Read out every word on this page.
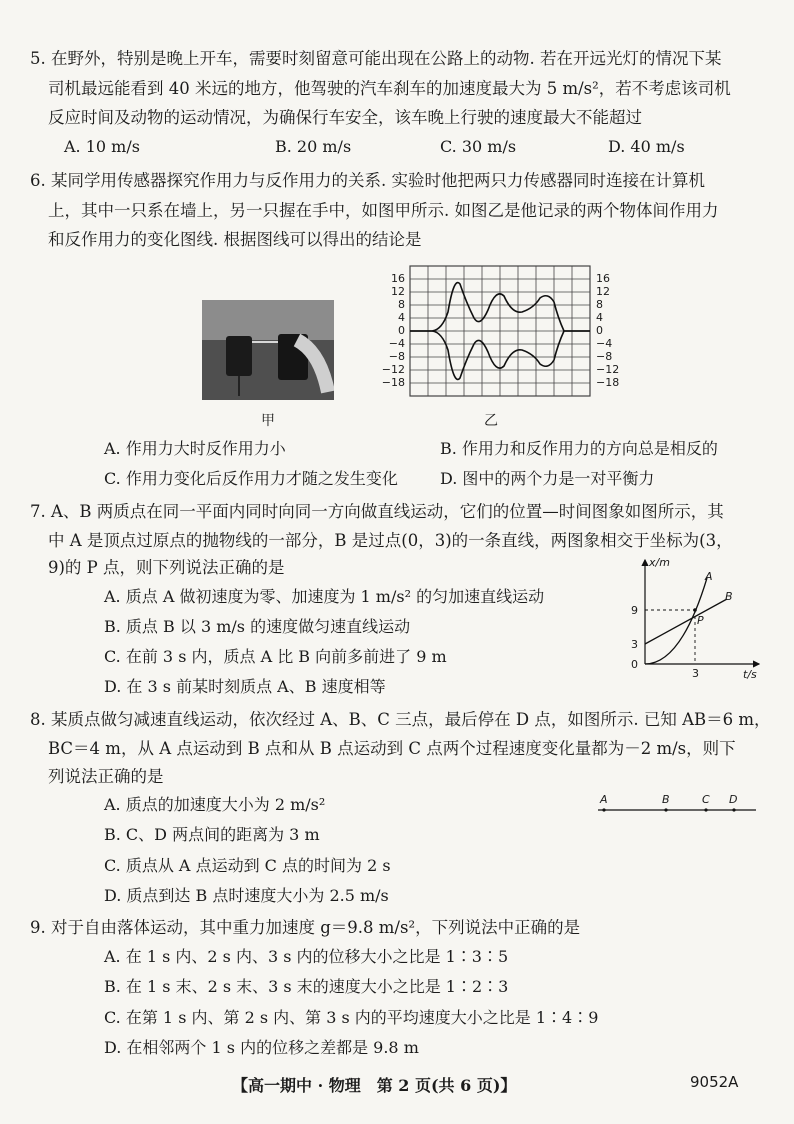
5. 在野外，特别是晚上开车，需要时刻留意可能出现在公路上的动物. 若在开远光灯的情况下某
司机最远能看到 40 米远的地方，他驾驶的汽车刹车的加速度最大为 5 m/s²，若不考虑该司机
反应时间及动物的运动情况，为确保行车安全，该车晚上行驶的速度最大不能超过
A. 10 m/s	B. 20 m/s	C. 30 m/s	D. 40 m/s
6. 某同学用传感器探究作用力与反作用力的关系. 实验时他把两只力传感器同时连接在计算机
上，其中一只系在墙上，另一只握在手中，如图甲所示. 如图乙是他记录的两个物体间作用力
和反作用力的变化图线. 根据图线可以得出的结论是
甲
16
12
8
4
0
−4
−8
−12
−18
16
12
8
4
0
−4
−8
−12
−18
乙
A. 作用力大时反作用力小	B. 作用力和反作用力的方向总是相反的
C. 作用力变化后反作用力才随之发生变化	D. 图中的两个力是一对平衡力
7. A、B 两质点在同一平面内同时向同一方向做直线运动，它们的位置—时间图象如图所示，其
中 A 是顶点过原点的抛物线的一部分，B 是过点(0，3)的一条直线，两图象相交于坐标为(3，
9)的 P 点，则下列说法正确的是
A. 质点 A 做初速度为零、加速度为 1 m/s² 的匀加速直线运动
B. 质点 B 以 3 m/s 的速度做匀速直线运动
C. 在前 3 s 内，质点 A 比 B 向前多前进了 9 m
D. 在 3 s 前某时刻质点 A、B 速度相等
x/m
t/s
9
3
0
3
A
B
P
8. 某质点做匀减速直线运动，依次经过 A、B、C 三点，最后停在 D 点，如图所示. 已知 AB＝6 m，
BC＝4 m，从 A 点运动到 B 点和从 B 点运动到 C 点两个过程速度变化量都为－2 m/s，则下
列说法正确的是
A. 质点的加速度大小为 2 m/s²
B. C、D 两点间的距离为 3 m
C. 质点从 A 点运动到 C 点的时间为 2 s
D. 质点到达 B 点时速度大小为 2.5 m/s
A	B	C D
9. 对于自由落体运动，其中重力加速度 g＝9.8 m/s²，下列说法中正确的是
A. 在 1 s 内、2 s 内、3 s 内的位移大小之比是 1∶3∶5
B. 在 1 s 末、2 s 末、3 s 末的速度大小之比是 1∶2∶3
C. 在第 1 s 内、第 2 s 内、第 3 s 内的平均速度大小之比是 1∶4∶9
D. 在相邻两个 1 s 内的位移之差都是 9.8 m
【高一期中 · 物理　第 2 页(共 6 页)】	9052A
